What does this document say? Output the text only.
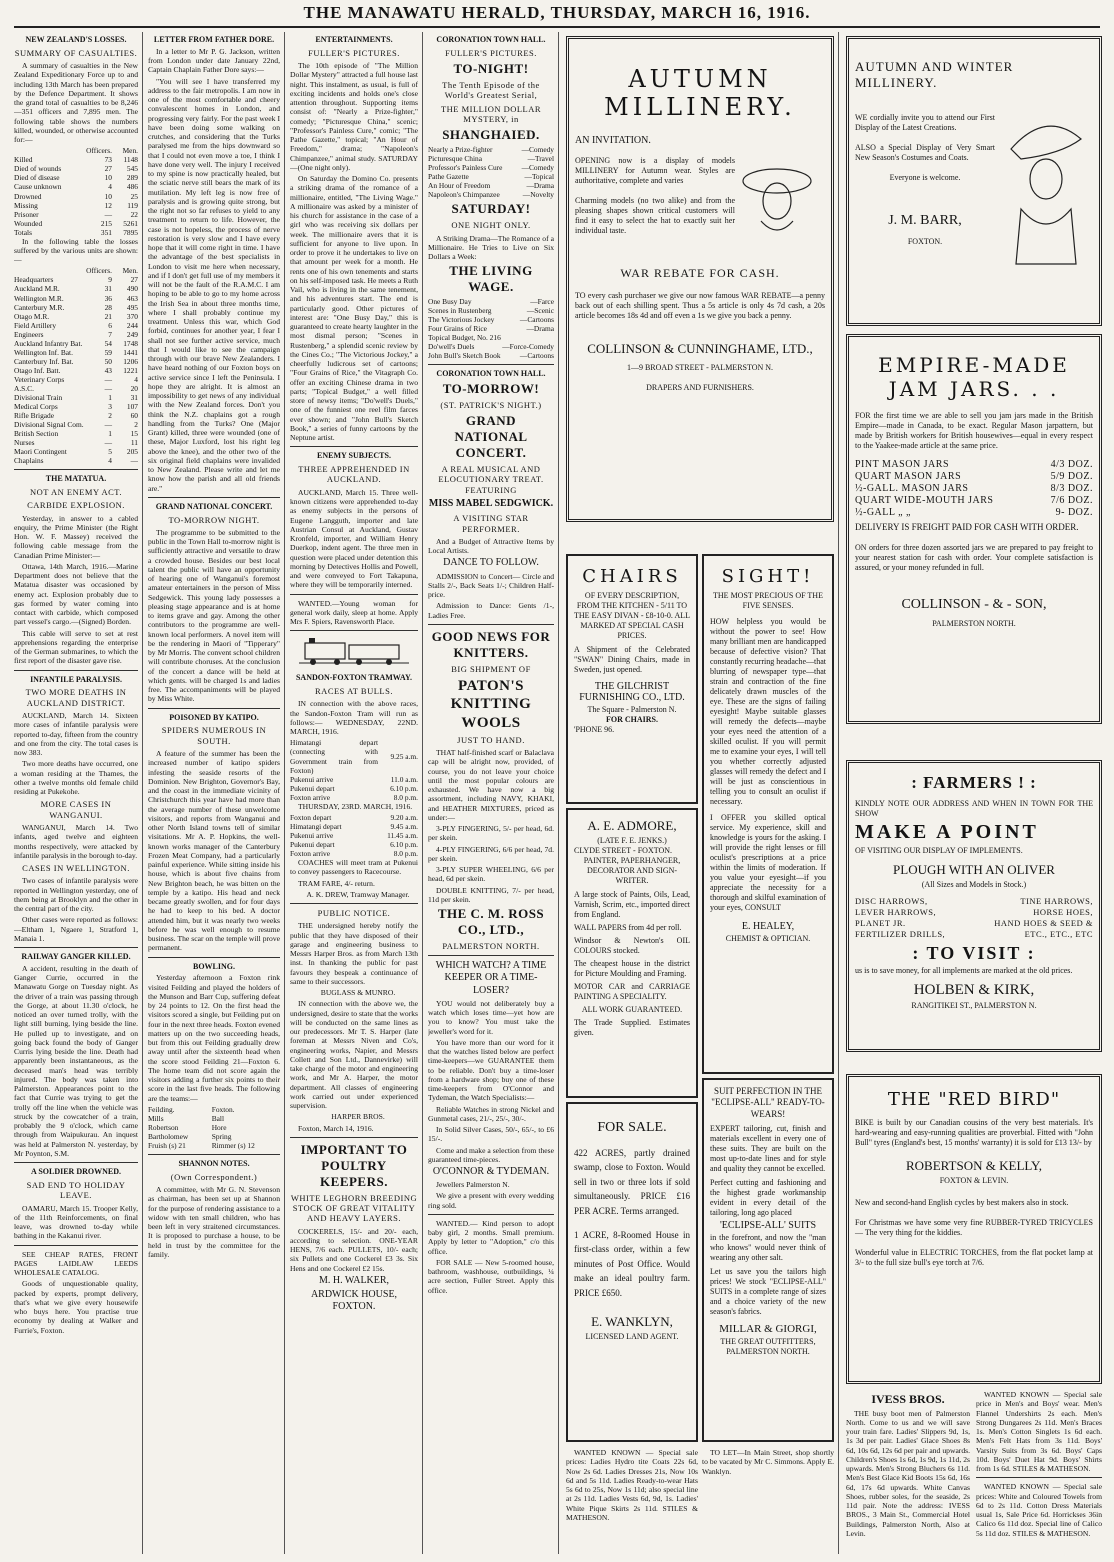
THE MANAWATU HERALD, THURSDAY, MARCH 16, 1916.
NEW ZEALAND'S LOSSES.
SUMMARY OF CASUALTIES.

A summary of casualties in the New Zealand Expeditionary Force up to and including 13th March has been prepared by the Defence Department. It shows the grand total of casualties to be 8,246—351 officers and 7,895 men. The following table shows the numbers killed, wounded, or otherwise accounted for:—

	Officers.	Men.
Killed	73	1148
Died of wounds	27	545
Died of disease	10	289
Cause unknown	4	486
Drowned	10	25
Missing	12	119
Prisoner	—	22
Wounded	215	5261
Totals	351	7895

In the following table the losses suffered by the various units are shown:—

	Officers.	Men.
Headquarters	9	27
Auckland M.R.	31	490
Wellington M.R.	36	463
Canterbury M.R.	28	495
Otago M.R.	21	370
Field Artillery	6	244
Engineers	7	249
Auckland Infantry Bat.	54	1748
Wellington Inf. Bat.	59	1441
Canterbury Inf. Bat.	50	1206
Otago Inf. Batt.	43	1221
Veterinary Corps	—	4
A.S.C.	—	20
Divisional Train	1	31
Medical Corps	3	107
Rifle Brigade	2	60
Divisional Signal Com.	—	2
British Section	1	15
Nurses	—	11
Maori Contingent	5	205
Chaplains	4	—
THE MATATUA.
NOT AN ENEMY ACT.
CARBIDE EXPLOSION.

Yesterday, in answer to a cabled enquiry, the Prime Minister (the Right Hon. W. F. Massey) received the following cable message from the Canadian Prime Minister:—

Ottawa, 14th March, 1916.—Marine Department does not believe that the Matatua disaster was occasioned by enemy act. Explosion probably due to gas formed by water coming into contact with carbide, which composed part vessel's cargo.—(Signed) Borden.

This cable will serve to set at rest apprehensions regarding the enterprise of the German submarines, to which the first report of the disaster gave rise.

INFANTILE PARALYSIS.
TWO MORE DEATHS IN AUCKLAND DISTRICT.

AUCKLAND, March 14. Sixteen more cases of infantile paralysis were reported to-day, fifteen from the country and one from the city. The total cases is now 383.

Two more deaths have occurred, one a woman residing at the Thames, the other a twelve months old female child residing at Pukekohe.

MORE CASES IN WANGANUI.

WANGANUI, March 14. Two infants, aged twelve and eighteen months respectively, were attacked by infantile paralysis in the borough to-day.

CASES IN WELLINGTON.

Two cases of infantile paralysis were reported in Wellington yesterday, one of them being at Brooklyn and the other in the central part of the city.

Other cases were reported as follows:—Eltham 1, Ngaere 1, Stratford 1, Manaia 1.

RAILWAY GANGER KILLED.

A accident, resulting in the death of Ganger Currie, occurred in the Manawatu Gorge on Tuesday night. As the driver of a train was passing through the Gorge, at about 11.30 o'clock, he noticed an over turned trolly, with the light still burning, lying beside the line. He pulled up to investigate, and on going back found the body of Ganger Curris lying beside the line. Death had apparently been instantaneous, as the deceased man's head was terribly injured. The body was taken into Palmerston. Appearances point to the fact that Currie was trying to get the trolly off the line when the vehicle was struck by the cowcatcher of a train, probably the 9 o'clock, which came through from Waipukurau. An inquest was held at Palmerston N. yesterday, by Mr Poynton, S.M.

A SOLDIER DROWNED.
SAD END TO HOLIDAY LEAVE.

OAMARU, March 15. Trooper Kelly, of the 11th Reinforcements, on final leave, was drowned to-day while bathing in the Kakanui river.

SEE CHEAP RATES, FRONT PAGES LAIDLAW LEEDS WHOLESALE CATALOG.

Goods of unquestionable quality, packed by experts, prompt delivery, that's what we give every housewife who buys here. You practise true economy by dealing at Walker and Furrie's, Foxton.

LETTER FROM FATHER DORE.

In a letter to Mr P. G. Jackson, written from London under date January 22nd, Captain Chaplain Father Dore says:—

"You will see I have transferred my address to the fair metropolis. I am now in one of the most comfortable and cheery convalescent homes in London, and progressing very fairly. For the past week I have been doing some walking on crutches, and considering that the Turks paralysed me from the hips downward so that I could not even move a toe, I think I have done very well. The injury I received to my spine is now practically healed, but the sciatic nerve still bears the mark of its mutilation. My left leg is now free of paralysis and is growing quite strong, but the right not so far refuses to yield to any treatment to return to life. However, the case is not hopeless, the process of nerve restoration is very slow and I have every hope that it will come right in time. I have the advantage of the best specialists in London to visit me here when necessary, and if I don't get full use of my members it will not be the fault of the R.A.M.C. I am hoping to be able to go to my home across the Irish Sea in about three months time, where I shall probably continue my treatment. Unless this war, which God forbid, continues for another year, I fear I shall not see further active service, much that I would like to see the campaign through with our brave New Zealanders. I have heard nothing of our Foxton boys on active service since I left the Peninsula. I hope they are alright. It is almost an impossibility to get news of any individual with the New Zealand forces. Don't you think the N.Z. chaplains got a rough handling from the Turks? One (Major Grant) killed, three were wounded (one of these, Major Luxford, lost his right leg above the knee), and the other two of the six original field chaplains were invalided to New Zealand. Please write and let me know how the parish and all old friends are."

GRAND NATIONAL CONCERT.
TO-MORROW NIGHT.

The programme to be submitted to the public in the Town Hall to-morrow night is sufficiently attractive and versatile to draw a crowded house. Besides our best local talent the public will have an opportunity of hearing one of Wanganui's foremost amateur entertainers in the person of Miss Sedgewick. This young lady possesses a pleasing stage appearance and is at home to items grave and gay. Among the other contributors to the programme are well-known local performers. A novel item will be the rendering in Maori of "Tipperary" by Mr Morris. The convent school children will contribute choruses. At the conclusion of the concert a dance will be held at which gents. will be charged 1s and ladies free. The accompaniments will be played by Miss White.

POISONED BY KATIPO.
SPIDERS NUMEROUS IN SOUTH.

A feature of the summer has been the increased number of katipo spiders infesting the seaside resorts of the Dominion. New Brighton, Governor's Bay, and the coast in the immediate vicinity of Christchurch this year have had more than the average number of these unwelcome visitors, and reports from Wanganui and other North Island towns tell of similar visitations. Mr A. P. Hopkins, the well-known works manager of the Canterbury Frozen Meat Company, had a particularly painful experience. While sitting inside his house, which is about five chains from New Brighton beach, he was bitten on the temple by a katipo. His head and neck became greatly swollen, and for four days he had to keep to his bed. A doctor attended him, but it was nearly two weeks before he was well enough to resume business. The scar on the temple will prove permanent.

BOWLING.

Yesterday afternoon a Foxton rink visited Feilding and played the holders of the Munson and Barr Cup, suffering defeat by 24 points to 12. On the first head the visitors scored a single, but Feilding put on four in the next three heads. Foxton evened matters up on the two succeeding heads, but from this out Feilding gradually drew away until after the sixteenth head when the score stood Feilding 21—Foxton 6. The home team did not score again the visitors adding a further six points to their score in the last five heads. The following are the teams:—

Feilding.	Foxton.
Mills	Ball
Robertson	Hore
Bartholomew	Spring
Fruish (s) 21	Rimmer (s) 12
SHANNON NOTES.
(Own Correspondent.)

A committee, with Mr G. N. Stevenson as chairman, has been set up at Shannon for the purpose of rendering assistance to a widow with ten small children, who has been left in very straitened circumstances. It is proposed to purchase a house, to be held in trust by the committee for the family.

ENTERTAINMENTS.
FULLER'S PICTURES.

The 10th episode of "The Million Dollar Mystery" attracted a full house last night. This instalment, as usual, is full of exciting incidents and holds one's close attention throughout. Supporting items consist of: "Nearly a Prize-fighter," comedy; "Picturesque China," scenic; "Professor's Painless Cure," comic; "The Pathe Gazette," topical; "An Hour of Freedom," drama; "Napoleon's Chimpanzee," animal study. SATURDAY—(One night only).

On Saturday the Domino Co. presents a striking drama of the romance of a millionaire, entitled, "The Living Wage." A millionaire was asked by a minister of his church for assistance in the case of a girl who was receiving six dollars per week. The millionaire avers that it is sufficient for anyone to live upon. In order to prove it he undertakes to live on that amount per week for a month. He rents one of his own tenements and starts on his self-imposed task. He meets a Ruth Vail, who is living in the same tenement, and his adventures start. The end is particularly good. Other pictures of interest are: "One Busy Day," this is guaranteed to create hearty laughter in the most dismal person; "Scenes in Rustenberg," a splendid scenic review by the Cines Co.; "The Victorious Jockey," a cheerfully ludicrous set of cartoons; "Four Grains of Rice," the Vitagraph Co. offer an exciting Chinese drama in two parts; "Topical Budget," a well filled store of newsy items; "Do'well's Duels," one of the funniest one reel film farces ever shown; and "John Bull's Sketch Book," a series of funny cartoons by the Neptune artist.

ENEMY SUBJECTS.
THREE APPREHENDED IN AUCKLAND.

AUCKLAND, March 15. Three well-known citizens were apprehended to-day as enemy subjects in the persons of Eugene Langguth, importer and late Austrian Consul at Auckland, Gustav Kronfeld, importer, and William Henry Duerkop, indent agent. The three men in question were placed under detention this morning by Detectives Hollis and Powell, and were conveyed to Fort Takapuna, where they will be temporarily interned.

WANTED.—Young woman for general work daily, sleep at home. Apply Mrs F. Spiers, Ravensworth Place.

SANDON-FOXTON TRAMWAY.
RACES AT BULLS.

IN connection with the above races, the Sandon-Foxton Tram will run as follows:— WEDNESDAY, 22ND. MARCH, 1916.

Himatangi depart (connecting with Government train from Foxton)	9.25 a.m.
Pukenui arrive	11.0 a.m.
Pukenui depart	6.10 p.m.
Foxton arrive	8.0 p.m.

THURSDAY, 23RD. MARCH, 1916.

Foxton depart	9.20 a.m.
Himatangi depart	9.45 a.m.
Pukenui arrive	11.45 a.m.
Pukenui depart	6.10 p.m.
Foxton arrive	8.0 p.m.

COACHES will meet tram at Pukenui to convey passengers to Racecourse.

TRAM FARE, 4/- return.

A. K. DREW, Tramway Manager.

PUBLIC NOTICE.

THE undersigned hereby notify the public that they have disposed of their garage and engineering business to Messrs Harper Bros. as from March 13th inst. In thanking the public for past favours they bespeak a continuance of same to their successors.

BUGLASS & MUNRO.

IN connection with the above we, the undersigned, desire to state that the works will be conducted on the same lines as our predecessors. Mr T. S. Harper (late foreman at Messrs Niven and Co's, engineering works, Napier, and Messrs Collett and Son Ltd., Dannevirke) will take charge of the motor and engineering work, and Mr A. Harper, the motor department. All classes of engineering work carried out under experienced supervision.

HARPER BROS.

Foxton, March 14, 1916.

IMPORTANT TO POULTRY KEEPERS.
WHITE LEGHORN BREEDING STOCK OF GREAT VITALITY AND HEAVY LAYERS.

COCKERELS, 15/- and 20/- each, according to selection. ONE-YEAR HENS, 7/6 each. PULLETS, 10/- each; six Pullets and one Cockerel £3 3s. Six Hens and one Cockerel £2 15s.

M. H. WALKER,
ARDWICK HOUSE, FOXTON.
CORONATION TOWN HALL.
FULLER'S PICTURES.
TO-NIGHT!
The Tenth Episode of the World's Greatest Serial,
THE MILLION DOLLAR MYSTERY, in
SHANGHAIED.
Nearly a Prize-fighter	—Comedy
Picturesque China	—Travel
Professor's Painless Cure	—Comedy
Pathe Gazette	—Topical
An Hour of Freedom	—Drama
Napoleon's Chimpanzee	—Novelty
SATURDAY!
ONE NIGHT ONLY.

A Striking Drama—The Romance of a Millionaire. He Tries to Live on Six Dollars a Week:

THE LIVING WAGE.
One Busy Day	—Farce
Scenes in Rustenberg	—Scenic
The Victorious Jockey	—Cartoons
Four Grains of Rice	—Drama
Topical Budget, No. 216	
Do'well's Duels	—Force-Comedy
John Bull's Sketch Book	—Cartoons
CORONATION TOWN HALL.
TO-MORROW!
(ST. PATRICK'S NIGHT.)
GRAND NATIONAL CONCERT.
A REAL MUSICAL AND ELOCUTIONARY TREAT. FEATURING
MISS MABEL SEDGWICK.
A VISITING STAR PERFORMER.

And a Budget of Attractive Items by Local Artists.

DANCE TO FOLLOW.

ADMISSION to Concert— Circle and Stalls 2/-, Back Seats 1/-; Children Half-price.

Admission to Dance: Gents /1-, Ladies Free.

GOOD NEWS FOR KNITTERS.
BIG SHIPMENT OF
PATON'S KNITTING WOOLS
JUST TO HAND.

THAT half-finished scarf or Balaclava cap will be alright now, provided, of course, you do not leave your choice until the most popular colours are exhausted. We have now a big assortment, including NAVY, KHAKI, and HEATHER MIXTURES, priced as under:—

3-PLY FINGERING, 5/- per head, 6d. per skein.

4-PLY FINGERING, 6/6 per head, 7d. per skein.

3-PLY SUPER WHEELING, 6/6 per head, 6d per skein.

DOUBLE KNITTING, 7/- per head, 11d per skein.

THE C. M. ROSS CO., LTD.,
PALMERSTON NORTH.
WHICH WATCH? A TIME KEEPER OR A TIME-LOSER?

YOU would not deliberately buy a watch which loses time—yet how are you to know? You must take the jeweller's word for it.

You have more than our word for it that the watches listed below are perfect time-keepers—we GUARANTEE them to be reliable. Don't buy a time-loser from a hardware shop; buy one of these time-keepers from O'Connor and Tydeman, the Watch Specialists:—

Reliable Watches in strong Nickel and Gunmetal cases, 21/-, 25/-, 30/-.

In Solid Silver Cases, 50/-, 65/-, to £6 15/-.

Come and make a selection from these guaranteed time-pieces.

O'CONNOR & TYDEMAN.

Jewellers Palmerston N.

We give a present with every wedding ring sold.

WANTED.— Kind person to adopt baby girl, 2 months. Small premium. Apply by letter to "Adoption," c/o this office.

FOR SALE — New 5-roomed house, bathroom, washhouse, outbuildings, ¼ acre section, Fuller Street. Apply this office.

AUTUMN MILLINERY.
AN INVITATION.
OPENING now is a display of models MILLINERY for Autumn wear. Styles are authoritative, complete and varies
Charming models (no two alike) and from the pleasing shapes shown critical customers will find it easy to select the hat to exactly suit her individual taste.
WAR REBATE FOR CASH.
TO every cash purchaser we give our now famous WAR REBATE—a penny back out of each shilling spent. Thus a 5s article is only 4s 7d cash, a 20s article becomes 18s 4d and off even a 1s we give you back a penny.
COLLINSON & CUNNINGHAME, LTD.,
1—9 BROAD STREET - PALMERSTON N.
DRAPERS AND FURNISHERS.
CHAIRS
OF EVERY DESCRIPTION, FROM THE KITCHEN - 5/11 TO THE EASY DIVAN - £8-10-0. ALL MARKED AT SPECIAL CASH PRICES.
A Shipment of the Celebrated "SWAN" Dining Chairs, made in Sweden, just opened.
THE GILCHRIST FURNISHING CO., LTD.
The Square - Palmerston N.
FOR CHAIRS.
'PHONE 96.
SIGHT!
THE MOST PRECIOUS OF THE FIVE SENSES.
HOW helpless you would be without the power to see! How many brilliant men are handicapped because of defective vision? That constantly recurring headache—that blurring of newspaper type—that strain and contraction of the fine delicately drawn muscles of the eye. These are the signs of failing eyesight! Maybe suitable glasses will remedy the defects—maybe your eyes need the attention of a skilled oculist. If you will permit me to examine your eyes, I will tell you whether correctly adjusted glasses will remedy the defect and I will be just as conscientious in telling you to consult an oculist if necessary.
I OFFER you skilled optical service. My experience, skill and knowledge is yours for the asking. I will provide the right lenses or fill oculist's prescriptions at a price within the limits of moderation. If you value your eyesight—if you appreciate the necessity for a thorough and skilful examination of your eyes, CONSULT
E. HEALEY,
CHEMIST & OPTICIAN.
A. E. ADMORE,
(LATE F. E. JENKS.)
CLYDE STREET - FOXTON.
PAINTER, PAPERHANGER, DECORATOR AND SIGN-WRITER.
A large stock of Paints, Oils, Lead, Varnish, Scrim, etc., imported direct from England.
WALL PAPERS from 4d per roll.
Windsor & Newton's OIL COLOURS stocked.
The cheapest house in the district for Picture Moulding and Framing.
MOTOR CAR and CARRIAGE PAINTING A SPECIALITY.
ALL WORK GUARANTEED.
The Trade Supplied. Estimates given.
FOR SALE.
422 ACRES, partly drained swamp, close to Foxton. Would sell in two or three lots if sold simultaneously. PRICE £16 PER ACRE. Terms arranged.
1 ACRE, 8-Roomed House in first-class order, within a few minutes of Post Office. Would make an ideal poultry farm. PRICE £650.
E. WANKLYN,
LICENSED LAND AGENT.
SUIT PERFECTION IN THE "ECLIPSE-ALL" READY-TO-WEARS!
EXPERT tailoring, cut, finish and materials excellent in every one of these suits. They are built on the most up-to-date lines and for style and quality they cannot be excelled.
Perfect cutting and fashioning and the highest grade workmanship evident in every detail of the tailoring, long ago placed
'ECLIPSE-ALL' SUITS
in the forefront, and now the "man who knows" would never think of wearing any other salt.
Let us save you the tailors high prices! We stock "ECLIPSE-ALL" SUITS in a complete range of sizes and a choice variety of the new season's fabrics.
MILLAR & GIORGI,
THE GREAT OUTFITTERS,
PALMERSTON NORTH.

WANTED KNOWN — Special sale prices: Ladies Hydro tite Coats 22s 6d, Now 2s 6d. Ladies Dresses 21s, Now 10s 6d and 5s 11d. Ladies Ready-to-wear Hats 5s 6d to 25s, Now 1s 11d; also special line at 2s 11d. Ladies Vests 6d, 9d, 1s. Ladies' White Pique Skirts 2s 11d. STILES & MATHESON.

TO LET—In Main Street, shop shortly to be vacated by Mr C. Simmons. Apply E. Wanklyn.

AUTUMN AND WINTER MILLINERY.
WE cordially invite you to attend our First Display of the Latest Creations.
ALSO a Special Display of Very Smart New Season's Costumes and Coats.
Everyone is welcome.
J. M. BARR,
FOXTON.
EMPIRE-MADE JAM JARS. . .
FOR the first time we are able to sell you jam jars made in the British Empire—made in Canada, to be exact. Regular Mason jarpattern, but made by British workers for British housewives—equal in every respect to the Yaakee-made article at the same price.
PINT MASON JARS	4/3 DOZ.
QUART MASON JARS	5/9 DOZ.
½-GALL. MASON JARS	8/3 DOZ.
QUART WIDE-MOUTH JARS	7/6 DOZ.
½-GALL „ „	9- DOZ.
DELIVERY IS FREIGHT PAID FOR CASH WITH ORDER.
ON orders for three dozen assorted jars we are prepared to pay freight to your nearest station for cash with order. Your complete satisfaction is assured, or your money refunded in full.
COLLINSON - & - SON,
PALMERSTON NORTH.
: FARMERS ! :
KINDLY NOTE OUR ADDRESS AND WHEN IN TOWN FOR THE SHOW
MAKE A POINT
OF VISITING OUR DISPLAY OF IMPLEMENTS.
PLOUGH WITH AN OLIVER
(All Sizes and Models in Stock.)
DISC HARROWS,	TINE HARROWS,
LEVER HARROWS,	HORSE HOES,
PLANET JR.	HAND HOES & SEED &
FERTILIZER DRILLS,	ETC., ETC., ETC
: TO VISIT :
us is to save money, for all implements are marked at the old prices.
HOLBEN & KIRK,
RANGITIKEI ST., PALMERSTON N.
THE "RED BIRD"
BIKE is built by our Canadian cousins of the very best materials. It's hard-wearing and easy-running qualities are proverbial. Fitted with "John Bull" tyres (England's best, 15 months' warranty) it is sold for £13 13/- by
ROBERTSON & KELLY,
FOXTON & LEVIN.
New and second-hand English cycles by best makers also in stock.
For Christmas we have some very fine RUBBER-TYRED TRICYCLES — The very thing for the kiddies.
Wonderful value in ELECTRIC TORCHES, from the flat pocket lamp at 3/- to the full size bull's eye torch at 7/6.
IVESS BROS.

THE busy boot men of Palmerston North. Come to us and we will save your train fare. Ladies' Slippers 9d, 1s, 1s 3d per pair. Ladies' Glace Shoes 8s 6d, 10s 6d, 12s 6d per pair and upwards. Children's Shoes 1s 6d, 1s 9d, 1s 11d, 2s upwards. Men's Strong Bluchers 6s 11d. Men's Best Glace Kid Boots 15s 6d, 16s 6d, 17s 6d upwards. White Canvas Shoes, rubber soles, for the seaside, 2s 11d pair. Note the address: IVESS BROS., 3 Main St., Commercial Hotel Buildings, Palmerston North, Also at Levin.

WANTED KNOWN — Special sale price in Men's and Boys' wear. Men's Flannel Undershirts 2s each. Men's Strong Dungarees 2s 11d. Men's Braces 1s. Men's Cotton Singlets 1s 6d each. Men's Felt Hats from 3s 11d. Boys' Varsity Suits from 3s 6d. Boys' Caps 10d. Boys' Duet Hat 9d. Boys' Shirts from 1s 6d. STILES & MATHESON.

WANTED KNOWN — Special sale prices: White and Coloured Towels from 6d to 2s 11d. Cotton Dress Materials usual 1s, Sale Price 6d. Horrickses 36in Calico 6s 11d doz. Special line of Calico 5s 11d doz. STILES & MATHESON.
